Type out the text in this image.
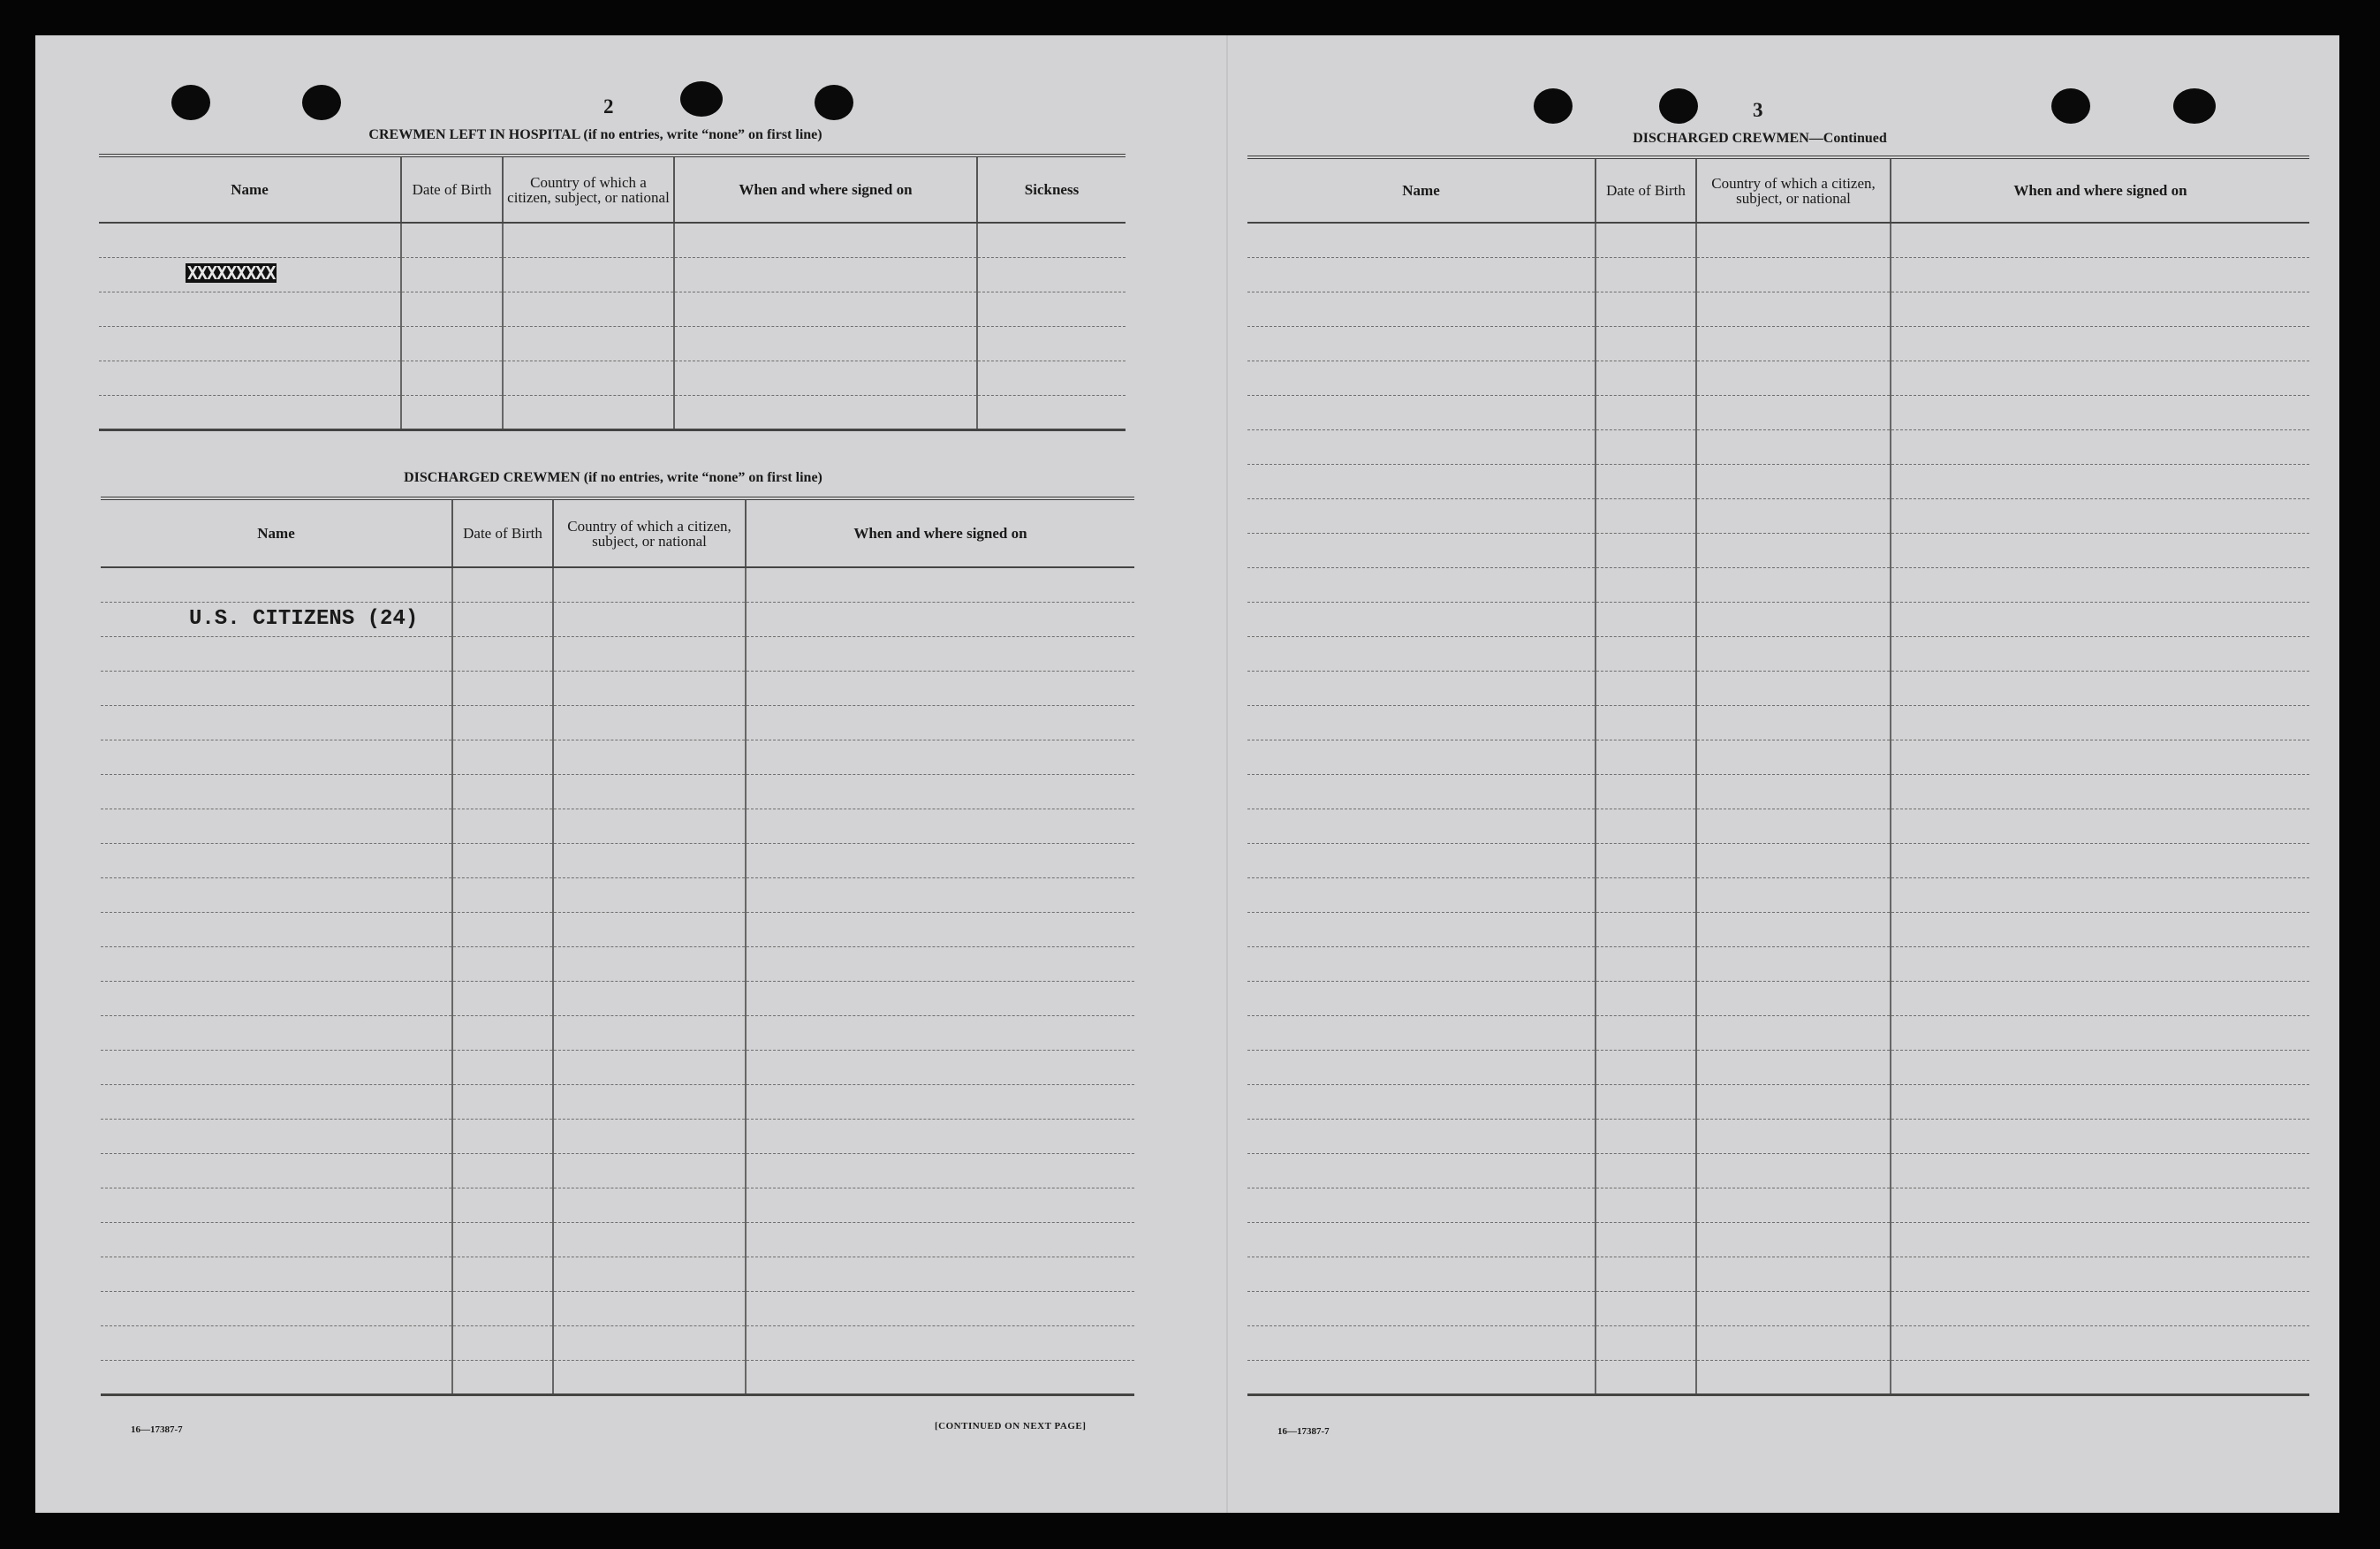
2
CREWMEN LEFT IN HOSPITAL (if no entries, write “none” on first line)
Name	Date of Birth	Country of which a citizen, subject, or national	When and where signed on	Sickness

XXXXXXXXX				

DISCHARGED CREWMEN (if no entries, write “none” on first line)
Name	Date of Birth	Country of which a citizen, subject, or national	When and where signed on

U.S. CITIZENS (24)			

16—17387-7	[CONTINUED ON NEXT PAGE]
3
DISCHARGED CREWMEN—Continued
Name	Date of Birth	Country of which a citizen, subject, or national	When and where signed on

16—17387-7
